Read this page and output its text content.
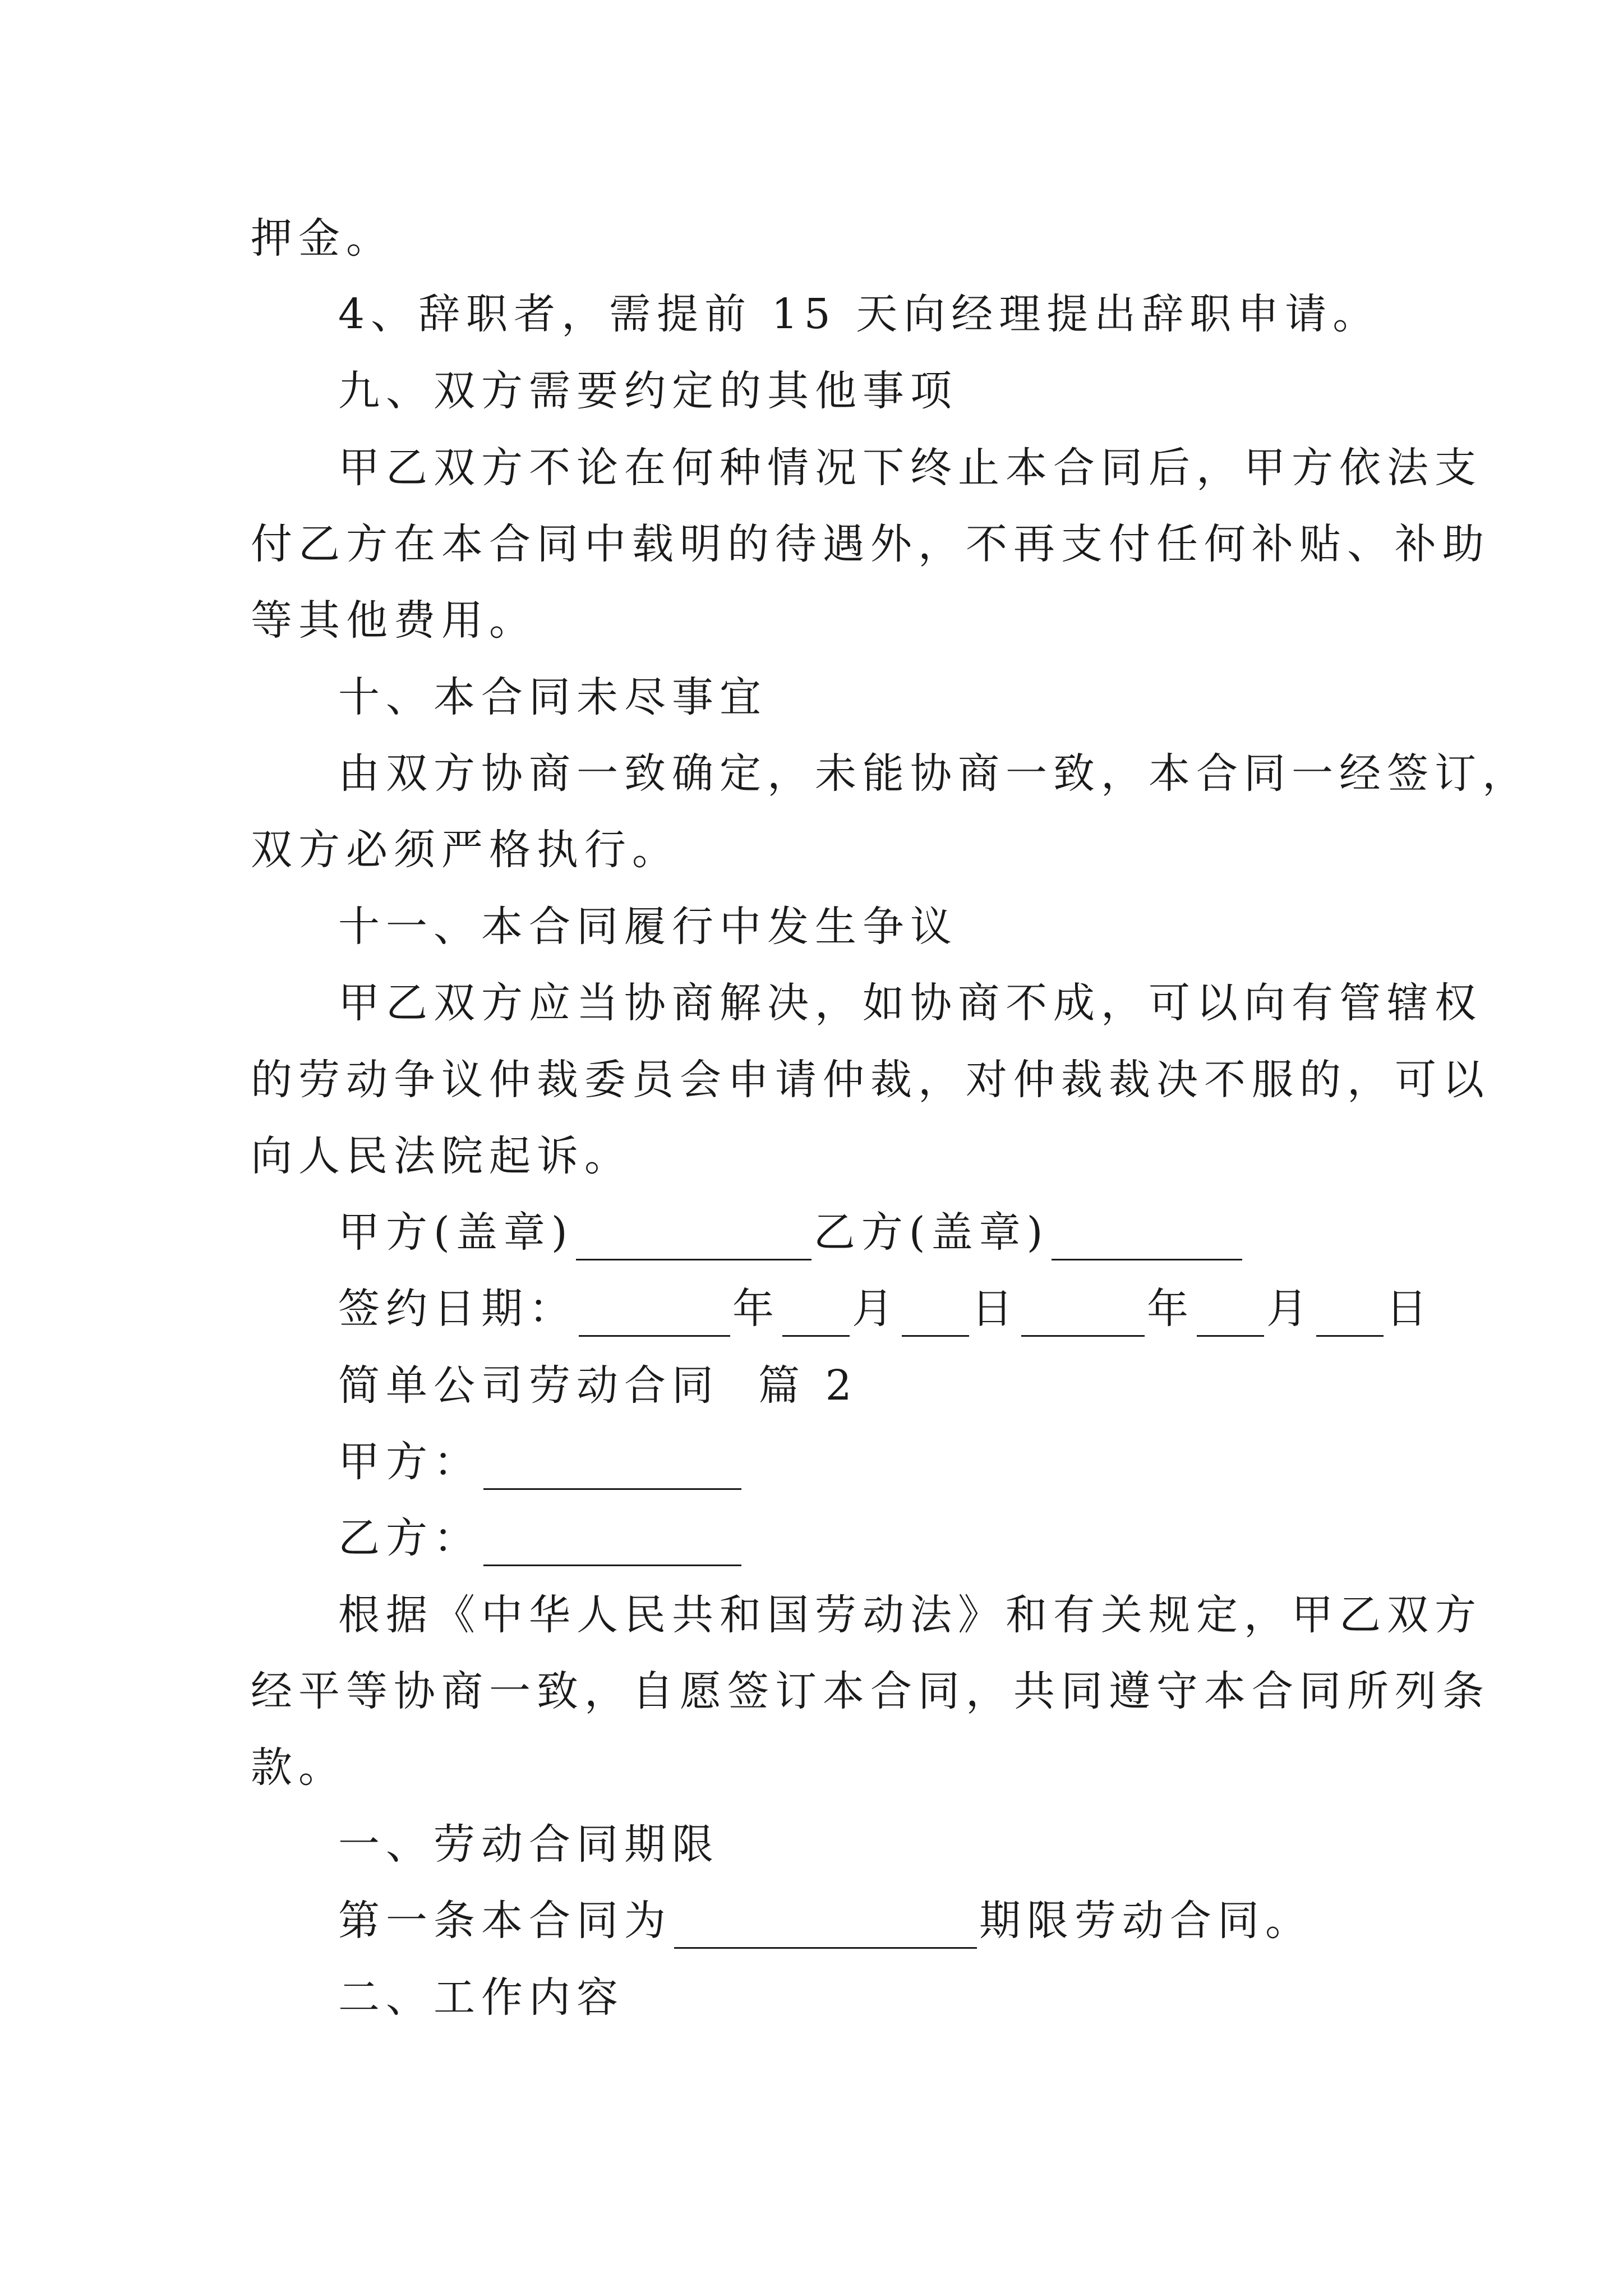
押金。

4、辞职者，需提前 15 天向经理提出辞职申请。

九、双方需要约定的其他事项

甲乙双方不论在何种情况下终止本合同后，甲方依法支

付乙方在本合同中载明的待遇外，不再支付任何补贴、补助

等其他费用。

十、本合同未尽事宜

由双方协商一致确定，未能协商一致，本合同一经签订，

双方必须严格执行。

十一、本合同履行中发生争议

甲乙双方应当协商解决，如协商不成，可以向有管辖权

的劳动争议仲裁委员会申请仲裁，对仲裁裁决不服的，可以

向人民法院起诉。

甲方(盖章)	乙方(盖章)

签约日期：	年 月 日	年 月 日

简单公司劳动合同  篇 2

甲方：

乙方：

根据《中华人民共和国劳动法》和有关规定，甲乙双方

经平等协商一致，自愿签订本合同，共同遵守本合同所列条

款。

一、劳动合同期限

第一条本合同为	期限劳动合同。

二、工作内容
